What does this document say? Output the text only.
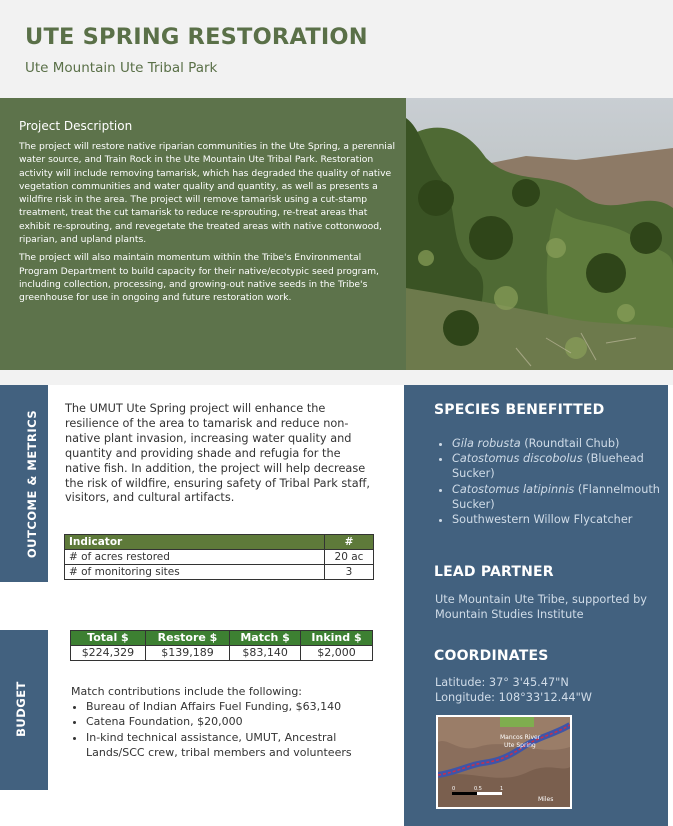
UTE SPRING RESTORATION
Ute Mountain Ute Tribal Park
Project Description

The project will restore native riparian communities in the Ute Spring, a perennial water source, and Train Rock in the Ute Mountain Ute Tribal Park. Restoration activity will include removing tamarisk, which has degraded the quality of native vegetation communities and water quality and quantity, as well as presents a wildfire risk in the area. The project will remove tamarisk using a cut-stamp treatment, treat the cut tamarisk to reduce re-sprouting, re-treat areas that exhibit re-sprouting, and revegetate the treated areas with native cottonwood, riparian, and upland plants.

The project will also maintain momentum within the Tribe's Environmental Program Department to build capacity for their native/ecotypic seed program, including collection, processing, and growing-out native seeds in the Tribe's greenhouse for use in ongoing and future restoration work.

OUTCOME & METRICS
The UMUT Ute Spring project will enhance the resilience of the area to tamarisk and reduce non-native plant invasion, increasing water quality and quantity and providing shade and refugia for the native fish. In addition, the project will help decrease the risk of wildfire, ensuring safety of Tribal Park staff, visitors, and cultural artifacts.
Indicator	#
# of acres restored	20 ac
# of monitoring sites	3
BUDGET
Total $	Restore $	Match $	Inkind $
$224,329	$139,189	$83,140	$2,000
Match contributions include the following:
• Bureau of Indian Affairs Fuel Funding, $63,140
• Catena Foundation, $20,000
• In-kind technical assistance, UMUT, Ancestral Lands/SCC crew, tribal members and volunteers
SPECIES BENEFITTED
• Gila robusta (Roundtail Chub)
• Catostomus discobolus (Bluehead Sucker)
• Catostomus latipinnis (Flannelmouth Sucker)
• Southwestern Willow Flycatcher
LEAD PARTNER
Ute Mountain Ute Tribe, supported by Mountain Studies Institute
COORDINATES
Latitude: 37° 3'45.47"N
Longitude: 108°33'12.44"W
Mancos River
Ute Spring
0	0.5	1
Miles
